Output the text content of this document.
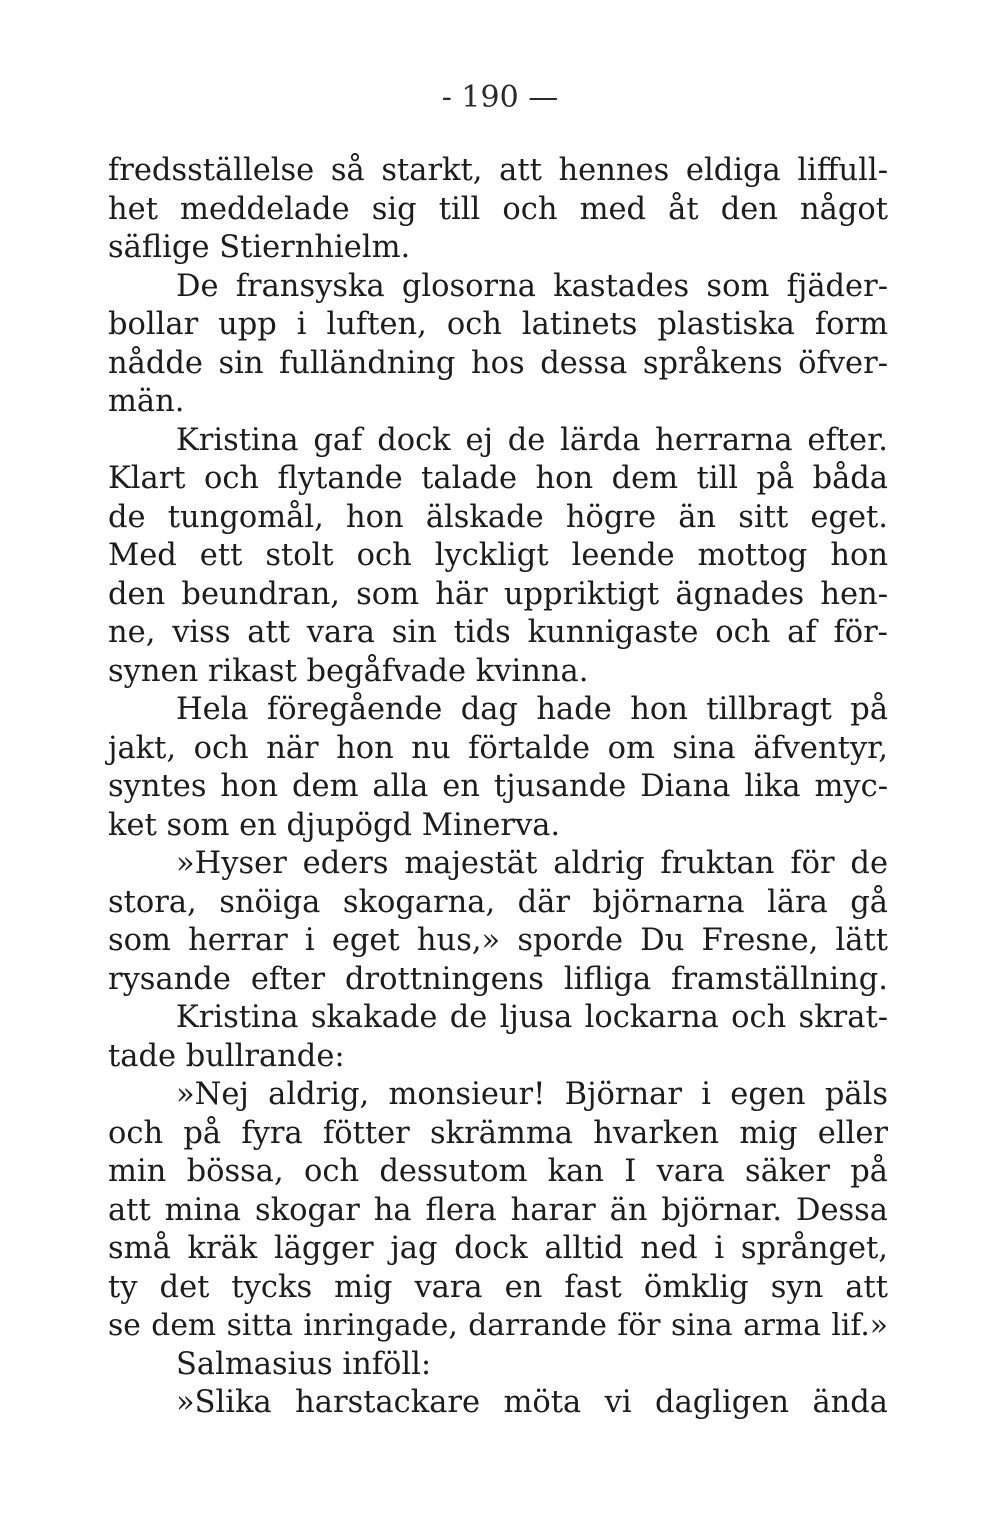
- 190 —
fredsställelse så starkt, att hennes eldiga liffull-
het meddelade sig till och med åt den något
säflige Stiernhielm.
De fransyska glosorna kastades som fjäder-
bollar upp i luften, och latinets plastiska form
nådde sin fulländning hos dessa språkens öfver-
män.
Kristina gaf dock ej de lärda herrarna efter.
Klart och flytande talade hon dem till på båda
de tungomål, hon älskade högre än sitt eget.
Med ett stolt och lyckligt leende mottog hon
den beundran, som här uppriktigt ägnades hen-
ne, viss att vara sin tids kunnigaste och af för-
synen rikast begåfvade kvinna.
Hela föregående dag hade hon tillbragt på
jakt, och när hon nu förtalde om sina äfventyr,
syntes hon dem alla en tjusande Diana lika myc-
ket som en djupögd Minerva.
»Hyser eders majestät aldrig fruktan för de
stora, snöiga skogarna, där björnarna lära gå
som herrar i eget hus,» sporde Du Fresne, lätt
rysande efter drottningens lifliga framställning.
Kristina skakade de ljusa lockarna och skrat-
tade bullrande:
»Nej aldrig, monsieur! Björnar i egen päls
och på fyra fötter skrämma hvarken mig eller
min bössa, och dessutom kan I vara säker på
att mina skogar ha flera harar än björnar. Dessa
små kräk lägger jag dock alltid ned i språnget,
ty det tycks mig vara en fast ömklig syn att
se dem sitta inringade, darrande för sina arma lif.»
Salmasius inföll:
»Slika harstackare möta vi dagligen ända
